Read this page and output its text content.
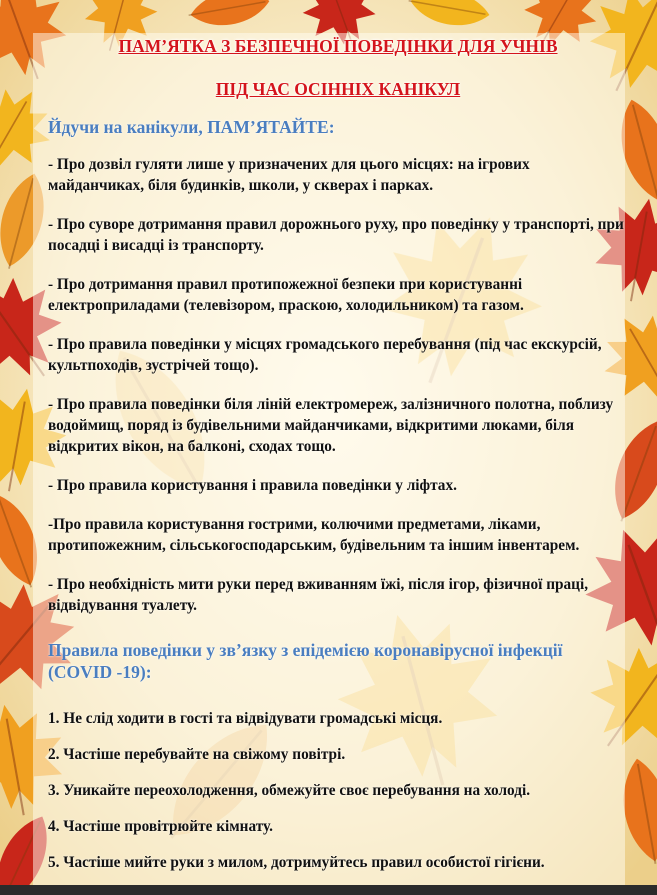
ПАМ’ЯТКА З БЕЗПЕЧНОЇ ПОВЕДІНКИ ДЛЯ УЧНІВ
ПІД ЧАС ОСІННІХ КАНІКУЛ
Йдучи на канікули, ПАМ’ЯТАЙТЕ:

- Про дозвіл гуляти лише у призначених для цього місцях: на ігрових майданчиках, біля будинків, школи, у скверах і парках.

- Про суворе дотримання правил дорожнього руху, про поведінку у транспорті, при посадці і висадці із транспорту.

- Про дотримання правил протипожежної безпеки при користуванні електроприладами (телевізором, праскою, холодильником) та газом.

- Про правила поведінки у місцях громадського перебування (під час екскурсій, культпоходів, зустрічей тощо).

- Про правила поведінки біля ліній електромереж, залізничного полотна, поблизу водоймищ, поряд із будівельними майданчиками, відкритими люками, біля відкритих вікон, на балконі, сходах тощо.

- Про правила користування і правила поведінки у ліфтах.

-Про правила користування гострими, колючими предметами, ліками, протипожежним, сільськогосподарським, будівельним та іншим інвентарем.

- Про необхідність мити руки перед вживанням їжі, після ігор, фізичної праці, відвідування туалету.

Правила поведінки у зв’язку з епідемією коронавірусної інфекції (COVID -19):

1. Не слід ходити в гості та відвідувати громадські місця.

2. Частіше перебувайте на свіжому повітрі.

3. Уникайте переохолодження, обмежуйте своє перебування на холоді.

4. Частіше провітрюйте кімнату.

5. Частіше мийте руки з милом, дотримуйтесь правил особистої гігієни.
